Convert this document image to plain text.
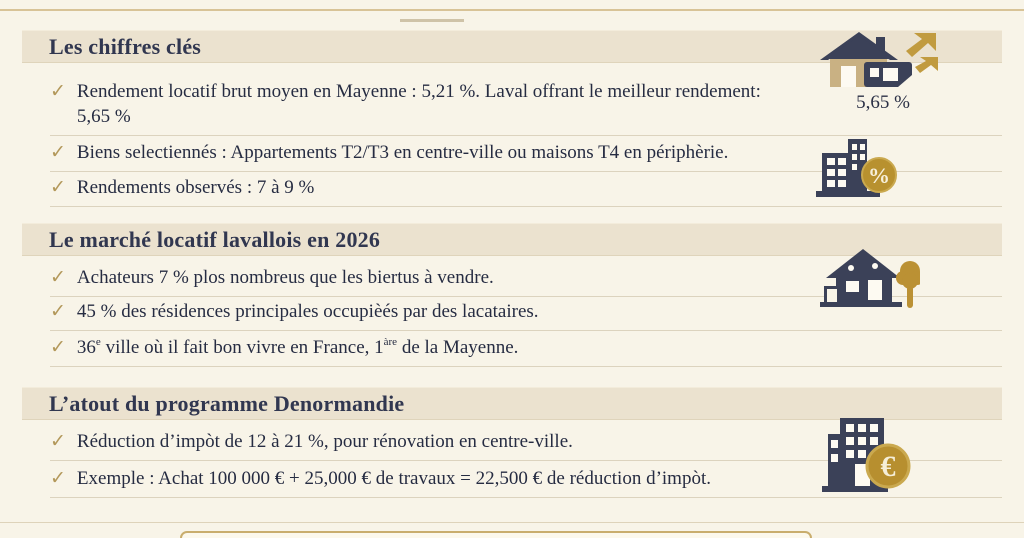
Les chiffres clés
✓ Rendement locatif brut moyen en Mayenne : 5,21 %. Laval offrant le meilleur rendement:

5,65 %

✓ Biens selectiennés : Appartements T2/T3 en centre-ville ou maisons T4 en périphèrie.

✓ Rendements observés : 7 à 9 %

5,65 %
%
Le marché locatif lavallois en 2026
✓ Achateurs 7 % plos nombreus que les biertus à vendre.

✓ 45 % des résidences principales occupièés par des lacataires.

✓ 36e ville où il fait bon vivre en France, $1^{àre}$ de la Mayenne.

L’atout du programme Denormandie
✓ Réduction d’impòt de 12 à 21 %, pour rénovation en centre-ville.

✓ Exemple : Achat 100 000 € + 25,000 € de travaux = 22,500 € de réduction d’impòt.	€
